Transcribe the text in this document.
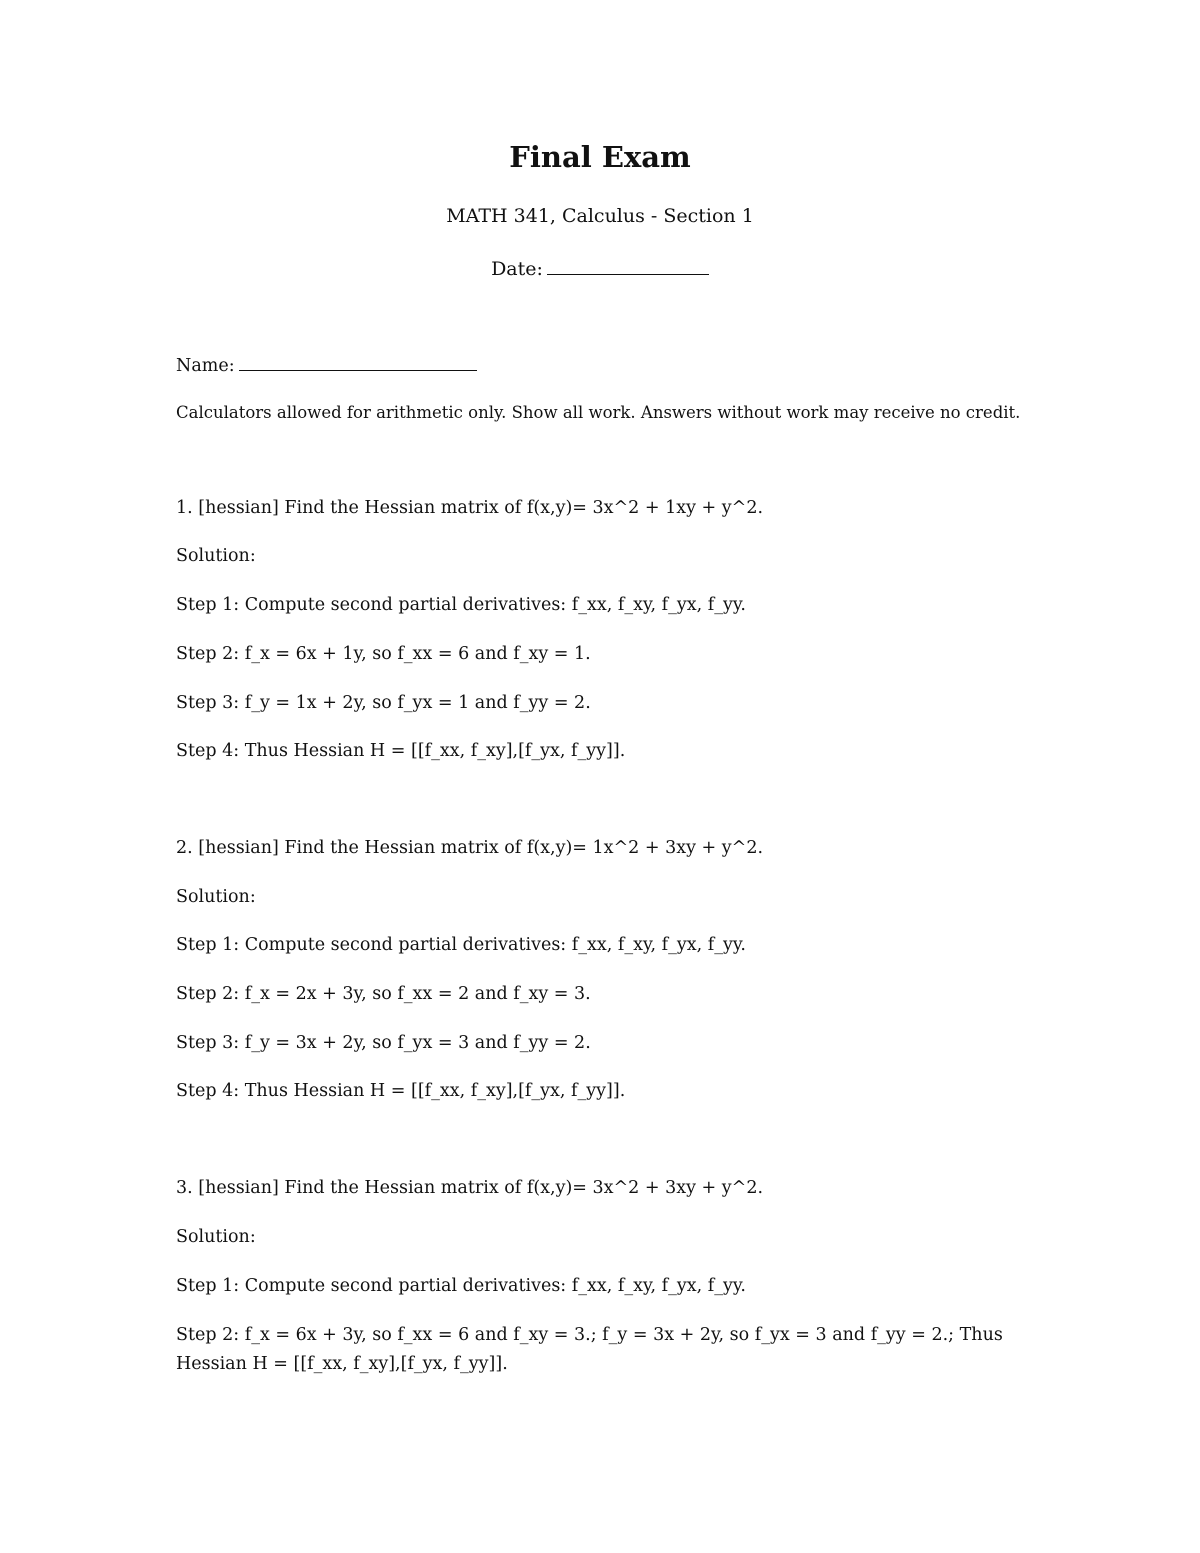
Final Exam

MATH 341, Calculus - Section 1

Date:

Name:

Calculators allowed for arithmetic only. Show all work. Answers without work may receive no credit.

1. [hessian] Find the Hessian matrix of f(x,y)= 3x^2 + 1xy + y^2.

Solution:

Step 1: Compute second partial derivatives: f_xx, f_xy, f_yx, f_yy.

Step 2: f_x = 6x + 1y, so f_xx = 6 and f_xy = 1.

Step 3: f_y = 1x + 2y, so f_yx = 1 and f_yy = 2.

Step 4: Thus Hessian H = [[f_xx, f_xy],[f_yx, f_yy]].

2. [hessian] Find the Hessian matrix of f(x,y)= 1x^2 + 3xy + y^2.

Solution:

Step 1: Compute second partial derivatives: f_xx, f_xy, f_yx, f_yy.

Step 2: f_x = 2x + 3y, so f_xx = 2 and f_xy = 3.

Step 3: f_y = 3x + 2y, so f_yx = 3 and f_yy = 2.

Step 4: Thus Hessian H = [[f_xx, f_xy],[f_yx, f_yy]].

3. [hessian] Find the Hessian matrix of f(x,y)= 3x^2 + 3xy + y^2.

Solution:

Step 1: Compute second partial derivatives: f_xx, f_xy, f_yx, f_yy.

Step 2: f_x = 6x + 3y, so f_xx = 6 and f_xy = 3.; f_y = 3x + 2y, so f_yx = 3 and f_yy = 2.; Thus Hessian H = [[f_xx, f_xy],[f_yx, f_yy]].
